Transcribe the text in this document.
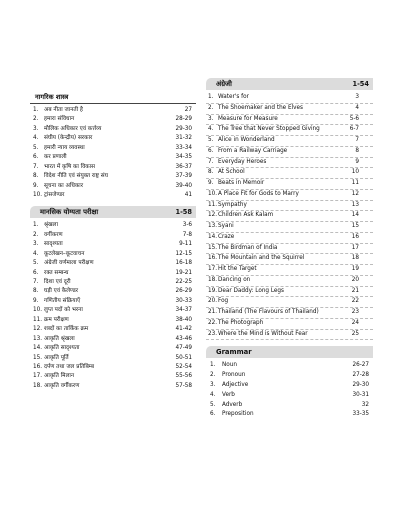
नागरिक शास्त्र
1. अब नीता जानती है	27
2. हमारा संविधान	28-29
3. मौलिक अधिकार एवं कर्त्तव्य	29-30
4. संघीय (केन्द्रीय) सरकार	31-32
5. हमारी न्याय व्यवस्था	33-34
6. कर प्रणाली	34-35
7. भारत में कृषि का विकास	36-37
8. विदेश नीति एवं संयुक्त राष्ट्र संघ	37-39
9. सूचना का अधिकार	39-40
10. ट्रांसजेण्डर	41
मानसिक योग्यता परीक्षा	1-58
1. श्रृंखला	3-6
2. वर्गीकरण	7-8
3. सादृश्यता	9-11
4. कूटलेखन–कूटवाचन	12-15
5. अंग्रेजी वर्णमाला परीक्षण	16-18
6. रक्त सम्बन्ध	19-21
7. दिशा एवं दूरी	22-25
8. घड़ी एवं कैलेण्डर	26-29
9. गणितीय संक्रियाएँ	30-33
10. लुप्त पदों को भरना	34-37
11. क्रम परीक्षण	38-40
12. शब्दों का तार्किक क्रम	41-42
13. आकृति श्रृंखला	43-46
14. आकृति सादृश्यता	47-49
15. आकृति पूर्ति	50-51
16. दर्पण तथा जल प्रतिबिम्ब	52-54
17. आकृति मिलान	55-56
18. आकृति वर्गीकरण	57-58
अंग्रेजी	1-54
1. Water's for	3
2. The Shoemaker and the Elves	4
3. Measure for Measure	5-6
4. The Tree that Never Stopped Giving	6-7
5. Alice in Wonderland	7
6. From a Railway Carriage	8
7. Everyday Heroes	9
8. At School	10
9. Beats in Memoir	11
10. A Place Fit for Gods to Marry	12
11. Sympathy	13
12. Children Ask Kalam	14
13. Syani	15
14. Craze	16
15. The Birdman of India	17
16. The Mountain and the Squirrel	18
17. Hit the Target	19
18. Dancing on	20
19. Dear Daddy: Long Legs	21
20. Fog	22
21. Thailand (The Flavours of Thailand)	23
22. The Photograph	24
23. Where the Mind is Without Fear	25
Grammar
1. Noun	26-27
2. Pronoun	27-28
3. Adjective	29-30
4. Verb	30-31
5. Adverb	32
6. Preposition	33-35
